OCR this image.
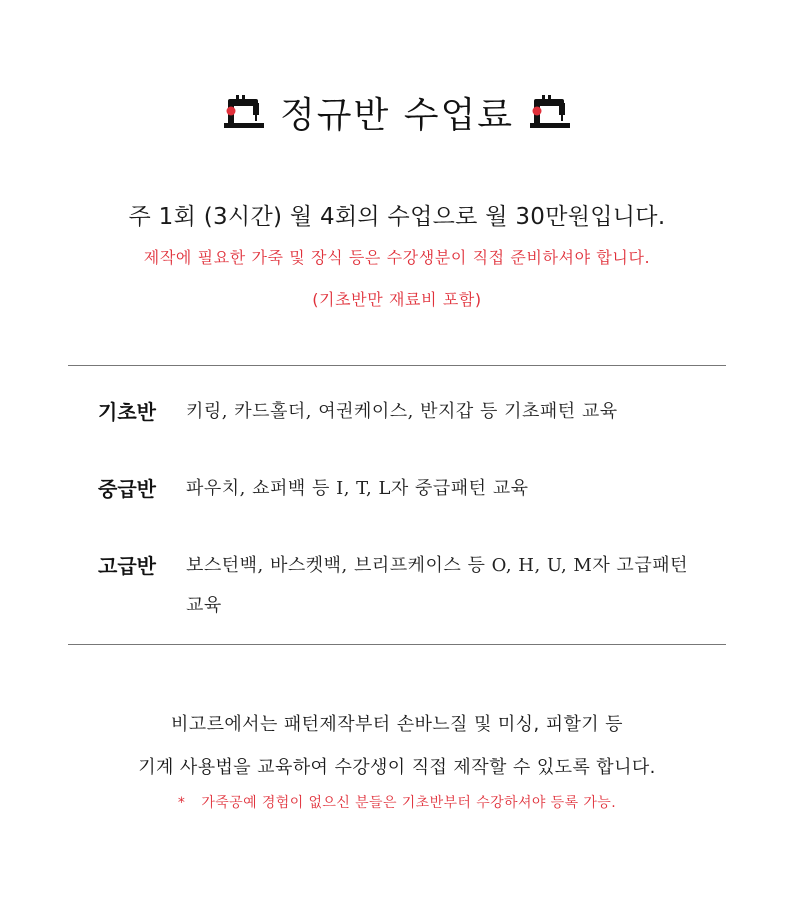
정규반 수업료
주 1회 (3시간) 월 4회의 수업으로 월 30만원입니다.
제작에 필요한 가죽 및 장식 등은 수강생분이 직접 준비하셔야 합니다.
(기초반만 재료비 포함)
기초반	키링, 카드홀더, 여권케이스, 반지갑 등 기초패턴 교육
중급반	파우치, 쇼퍼백 등 I, T, L자 중급패턴 교육
고급반	보스턴백, 바스켓백, 브리프케이스 등 O, H, U, M자 고급패턴 교육
비고르에서는 패턴제작부터 손바느질 및 미싱, 피할기 등
기계 사용법을 교육하여 수강생이 직접 제작할 수 있도록 합니다.
* 가죽공예 경험이 없으신 분들은 기초반부터 수강하셔야 등록 가능.
